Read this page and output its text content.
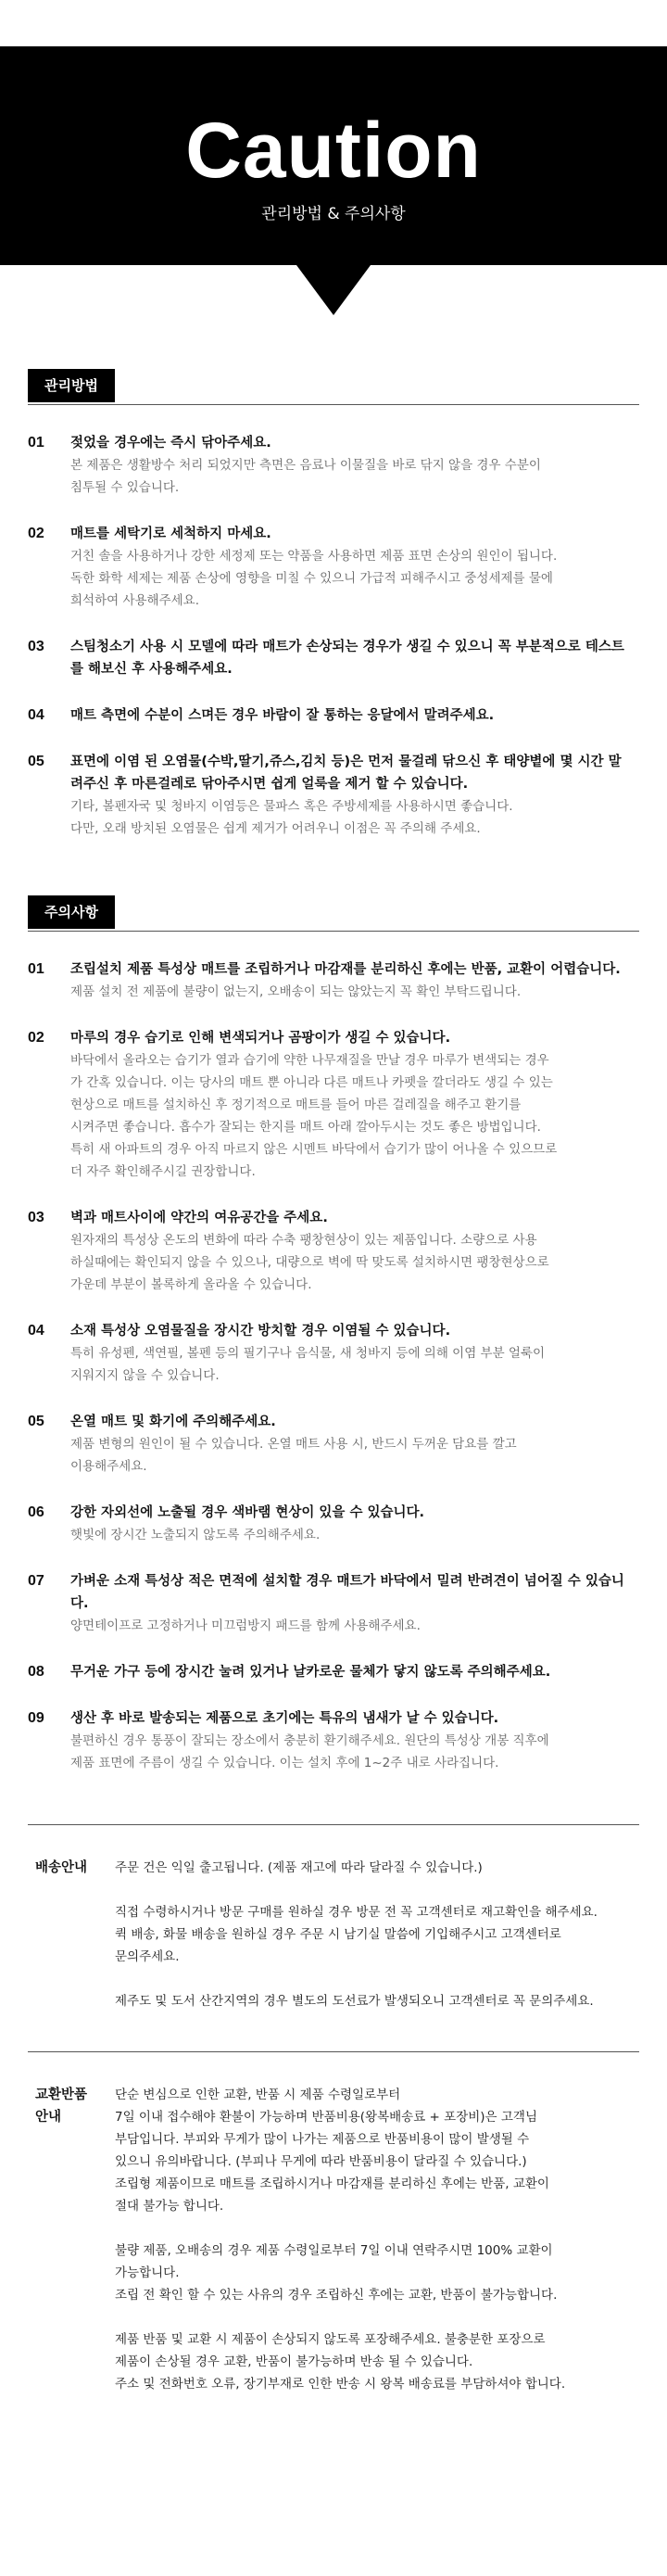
Caution
관리방법 & 주의사항
관리방법
01	젖었을 경우에는 즉시 닦아주세요.
본 제품은 생활방수 처리 되었지만 측면은 음료나 이물질을 바로 닦지 않을 경우 수분이
침투될 수 있습니다.
02	매트를 세탁기로 세척하지 마세요.
거친 솔을 사용하거나 강한 세정제 또는 약품을 사용하면 제품 표면 손상의 원인이 됩니다.
독한 화학 세제는 제품 손상에 영향을 미칠 수 있으니 가급적 피해주시고 중성세제를 물에
희석하여 사용해주세요.
03	스팀청소기 사용 시 모델에 따라 매트가 손상되는 경우가 생길 수 있으니 꼭 부분적으로 테스트를 해보신 후 사용해주세요.
04	매트 측면에 수분이 스며든 경우 바람이 잘 통하는 응달에서 말려주세요.
05	표면에 이염 된 오염물(수박,딸기,쥬스,김치 등)은 먼저 물걸레 닦으신 후 태양볕에 몇 시간 말려주신 후 마른걸레로 닦아주시면 쉽게 얼룩을 제거 할 수 있습니다.
기타, 볼펜자국 및 청바지 이염등은 물파스 혹은 주방세제를 사용하시면 좋습니다.
다만, 오래 방치된 오염물은 쉽게 제거가 어려우니 이점은 꼭 주의해 주세요.
주의사항
01	조립설치 제품 특성상 매트를 조립하거나 마감재를 분리하신 후에는 반품, 교환이 어렵습니다.
제품 설치 전 제품에 불량이 없는지, 오배송이 되는 않았는지 꼭 확인 부탁드립니다.
02	마루의 경우 습기로 인해 변색되거나 곰팡이가 생길 수 있습니다.
바닥에서 올라오는 습기가 열과 습기에 약한 나무재질을 만날 경우 마루가 변색되는 경우
가 간혹 있습니다. 이는 당사의 매트 뿐 아니라 다른 매트나 카펫을 깔더라도 생길 수 있는
현상으로 매트를 설치하신 후 정기적으로 매트를 들어 마른 걸레질을 해주고 환기를
시켜주면 좋습니다. 흡수가 잘되는 한지를 매트 아래 깔아두시는 것도 좋은 방법입니다.
특히 새 아파트의 경우 아직 마르지 않은 시멘트 바닥에서 습기가 많이 어나올 수 있으므로
더 자주 확인해주시길 권장합니다.
03	벽과 매트사이에 약간의 여유공간을 주세요.
원자재의 특성상 온도의 변화에 따라 수축 팽창현상이 있는 제품입니다. 소량으로 사용
하실때에는 확인되지 않을 수 있으나, 대량으로 벽에 딱 맞도록 설치하시면 팽창현상으로
가운데 부분이 볼록하게 올라올 수 있습니다.
04	소재 특성상 오염물질을 장시간 방치할 경우 이염될 수 있습니다.
특히 유성펜, 색연필, 볼펜 등의 필기구나 음식물, 새 청바지 등에 의해 이염 부분 얼룩이
지워지지 않을 수 있습니다.
05	온열 매트 및 화기에 주의해주세요.
제품 변형의 원인이 될 수 있습니다. 온열 매트 사용 시, 반드시 두꺼운 담요를 깔고
이용해주세요.
06	강한 자외선에 노출될 경우 색바램 현상이 있을 수 있습니다.
햇빛에 장시간 노출되지 않도록 주의해주세요.
07	가벼운 소재 특성상 적은 면적에 설치할 경우 매트가 바닥에서 밀려 반려견이 넘어질 수 있습니다.
양면테이프로 고정하거나 미끄럼방지 패드를 함께 사용해주세요.
08	무거운 가구 등에 장시간 눌려 있거나 날카로운 물체가 닿지 않도록 주의해주세요.
09	생산 후 바로 발송되는 제품으로 초기에는 특유의 냄새가 날 수 있습니다.
불편하신 경우 통풍이 잘되는 장소에서 충분히 환기해주세요. 원단의 특성상 개봉 직후에
제품 표면에 주름이 생길 수 있습니다. 이는 설치 후에 1~2주 내로 사라집니다.
배송안내	주문 건은 익일 출고됩니다. (제품 재고에 따라 달라질 수 있습니다.)
직접 수령하시거나 방문 구매를 원하실 경우 방문 전 꼭 고객센터로 재고확인을 해주세요.
퀵 배송, 화물 배송을 원하실 경우 주문 시 남기실 말씀에 기입해주시고 고객센터로
문의주세요.
제주도 및 도서 산간지역의 경우 별도의 도선료가 발생되오니 고객센터로 꼭 문의주세요.
교환반품
안내
단순 변심으로 인한 교환, 반품 시 제품 수령일로부터
7일 이내 접수해야 환불이 가능하며 반품비용(왕복배송료 + 포장비)은 고객님
부담입니다. 부피와 무게가 많이 나가는 제품으로 반품비용이 많이 발생될 수
있으니 유의바랍니다. (부피나 무게에 따라 반품비용이 달라질 수 있습니다.)
조립형 제품이므로 매트를 조립하시거나 마감재를 분리하신 후에는 반품, 교환이
절대 불가능 합니다.
불량 제품, 오배송의 경우 제품 수령일로부터 7일 이내 연락주시면 100% 교환이
가능합니다.
조립 전 확인 할 수 있는 사유의 경우 조립하신 후에는 교환, 반품이 불가능합니다.
제품 반품 및 교환 시 제품이 손상되지 않도록 포장해주세요. 불충분한 포장으로
제품이 손상될 경우 교환, 반품이 불가능하며 반송 될 수 있습니다.
주소 및 전화번호 오류, 장기부재로 인한 반송 시 왕복 배송료를 부담하셔야 합니다.
